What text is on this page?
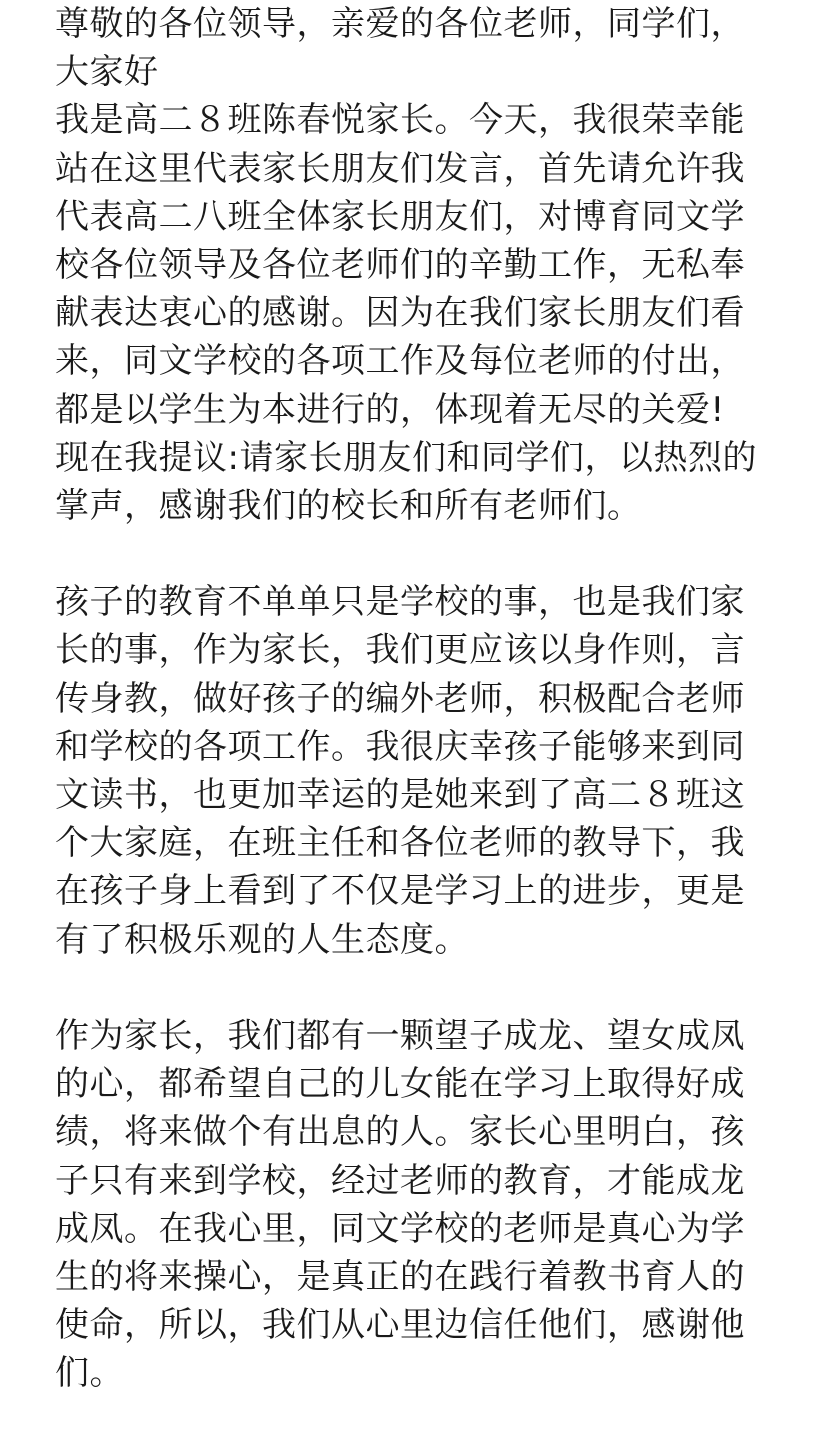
尊敬的各位领导，亲爱的各位老师，同学们，
大家好
我是高二８班陈春悦家长。今天，我很荣幸能
站在这里代表家长朋友们发言，首先请允许我
代表高二八班全体家长朋友们，对博育同文学
校各位领导及各位老师们的辛勤工作，无私奉
献表达衷心的感谢。因为在我们家长朋友们看
来，同文学校的各项工作及每位老师的付出，
都是以学生为本进行的，体现着无尽的关爱!
现在我提议:请家长朋友们和同学们，以热烈的
掌声，感谢我们的校长和所有老师们。
孩子的教育不单单只是学校的事，也是我们家
长的事，作为家长，我们更应该以身作则，言
传身教，做好孩子的编外老师，积极配合老师
和学校的各项工作。我很庆幸孩子能够来到同
文读书，也更加幸运的是她来到了高二８班这
个大家庭，在班主任和各位老师的教导下，我
在孩子身上看到了不仅是学习上的进步，更是
有了积极乐观的人生态度。
作为家长，我们都有一颗望子成龙、望女成凤
的心，都希望自己的儿女能在学习上取得好成
绩，将来做个有出息的人。家长心里明白，孩
子只有来到学校，经过老师的教育，才能成龙
成凤。在我心里，同文学校的老师是真心为学
生的将来操心，是真正的在践行着教书育人的
使命，所以，我们从心里边信任他们，感谢他
们。
